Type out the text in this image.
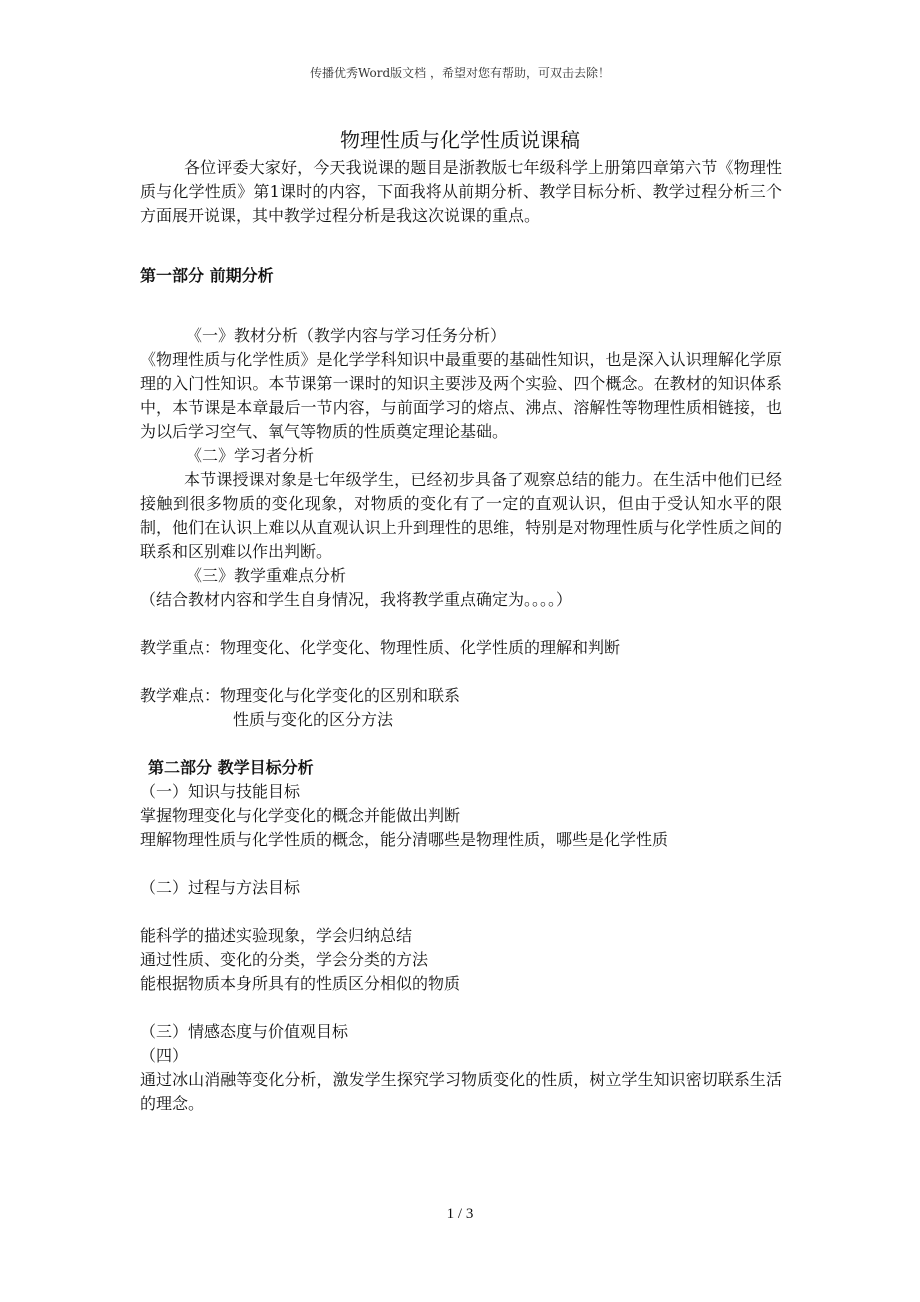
传播优秀Word版文档 ，希望对您有帮助，可双击去除！
物理性质与化学性质说课稿

各位评委大家好，今天我说课的题目是浙教版七年级科学上册第四章第六节《物理性质与化学性质》第1课时的内容，下面我将从前期分析、教学目标分析、教学过程分析三个方面展开说课，其中教学过程分析是我这次说课的重点。

第一部分 前期分析

《一》教材分析（教学内容与学习任务分析）

《物理性质与化学性质》是化学学科知识中最重要的基础性知识，也是深入认识理解化学原理的入门性知识。本节课第一课时的知识主要涉及两个实验、四个概念。在教材的知识体系中，本节课是本章最后一节内容，与前面学习的熔点、沸点、溶解性等物理性质相链接，也为以后学习空气、氧气等物质的性质奠定理论基础。

《二》学习者分析

本节课授课对象是七年级学生，已经初步具备了观察总结的能力。在生活中他们已经接触到很多物质的变化现象，对物质的变化有了一定的直观认识，但由于受认知水平的限制，他们在认识上难以从直观认识上升到理性的思维，特别是对物理性质与化学性质之间的联系和区别难以作出判断。

《三》教学重难点分析

（结合教材内容和学生自身情况，我将教学重点确定为。。。。）

教学重点：物理变化、化学变化、物理性质、化学性质的理解和判断

教学难点：物理变化与化学变化的区别和联系

性质与变化的区分方法

第二部分 教学目标分析

（一）知识与技能目标

掌握物理变化与化学变化的概念并能做出判断

理解物理性质与化学性质的概念，能分清哪些是物理性质，哪些是化学性质

（二）过程与方法目标

能科学的描述实验现象，学会归纳总结

通过性质、变化的分类，学会分类的方法

能根据物质本身所具有的性质区分相似的物质

（三）情感态度与价值观目标

（四）

通过冰山消融等变化分析，激发学生探究学习物质变化的性质，树立学生知识密切联系生活的理念。

1 / 3
